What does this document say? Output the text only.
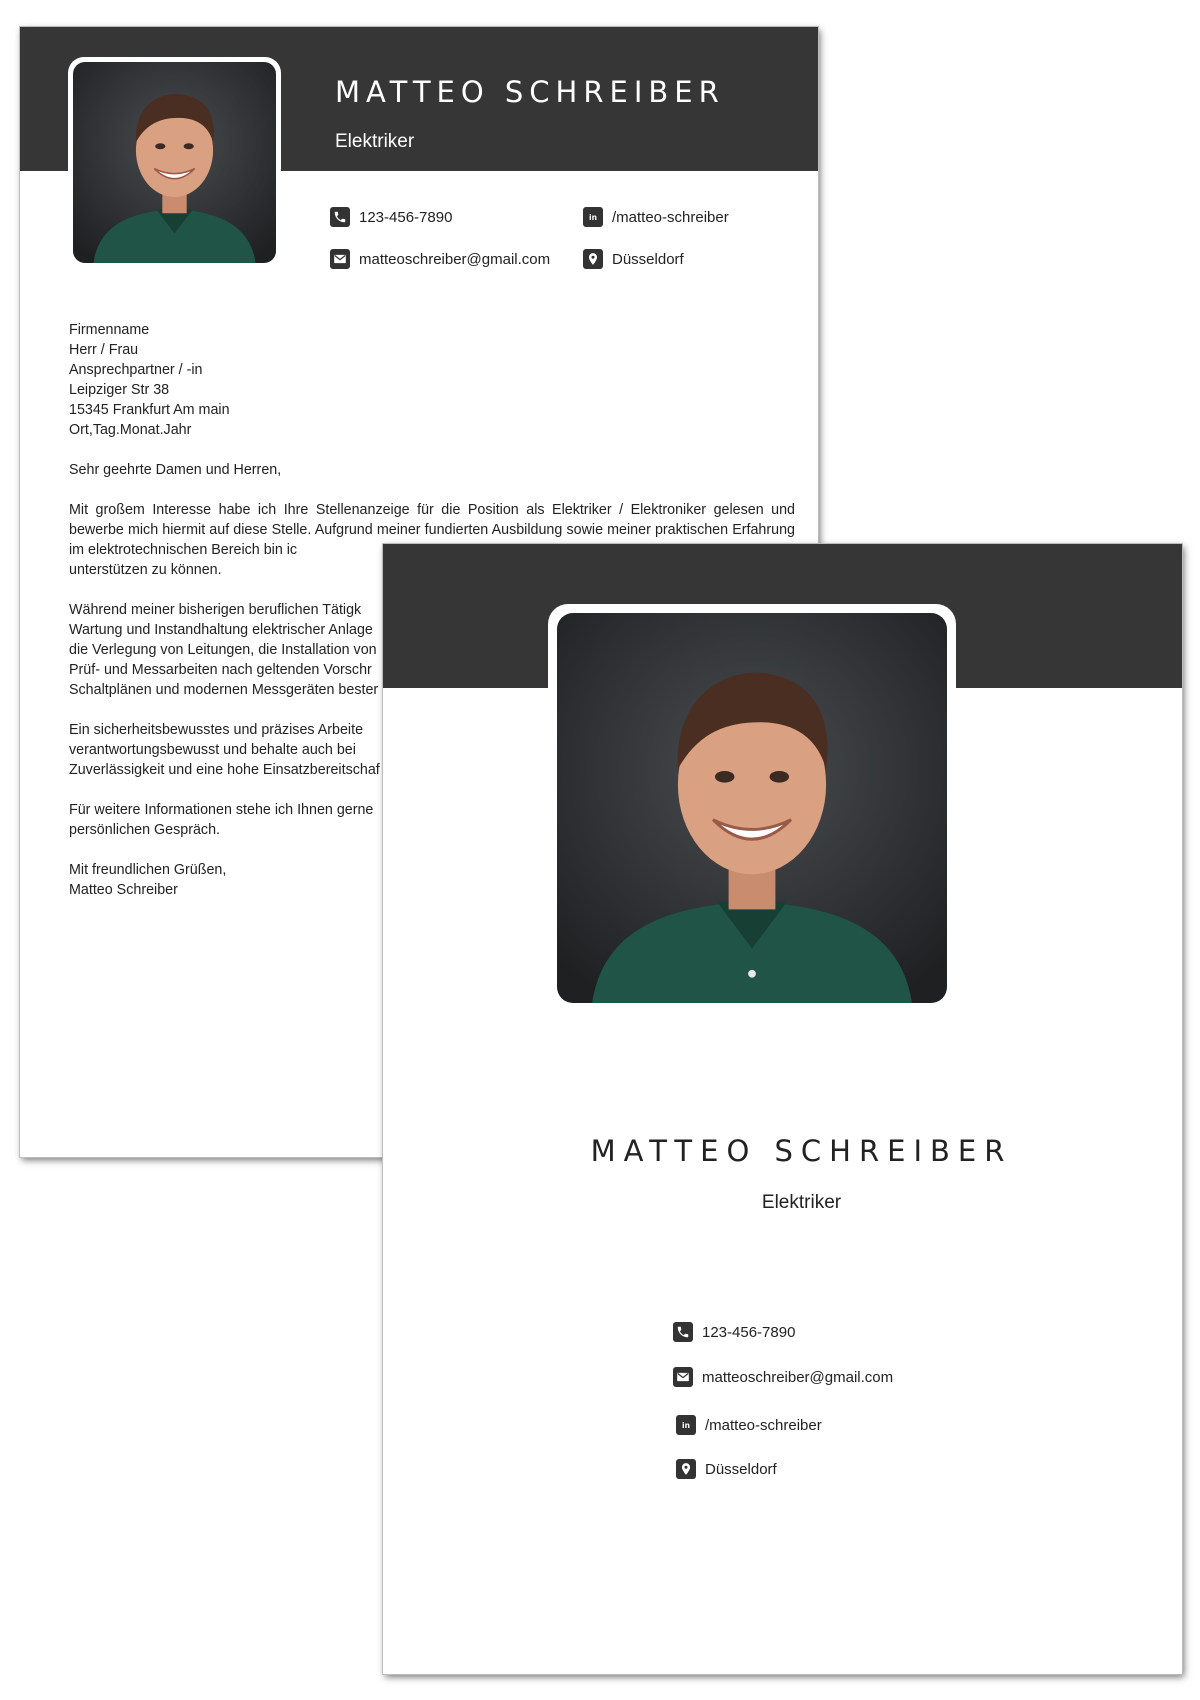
MATTEO SCHREIBER
Elektriker
123-456-7890
matteoschreiber@gmail.com
in /matteo-schreiber
Düsseldorf

Firmenname
Herr / Frau
Ansprechpartner / -in
Leipziger Str 38
15345 Frankfurt Am main
Ort,Tag.Monat.Jahr

Sehr geehrte Damen und Herren,

Mit großem Interesse habe ich Ihre Stellenanzeige für die Position als Elektriker / Elektroniker gelesen und bewerbe mich hiermit auf diese Stelle. Aufgrund meiner fundierten Ausbildung sowie meiner praktischen Erfahrung im elektrotechnischen Bereich bin ic
unterstützen zu können.

Während meiner bisherigen beruflichen Tätigk
Wartung und Instandhaltung elektrischer Anlage
die Verlegung von Leitungen, die Installation von
Prüf- und Messarbeiten nach geltenden Vorschr
Schaltplänen und modernen Messgeräten bester

Ein sicherheitsbewusstes und präzises Arbeite
verantwortungsbewusst und behalte auch bei
Zuverlässigkeit und eine hohe Einsatzbereitschaf

Für weitere Informationen stehe ich Ihnen gerne
persönlichen Gespräch.

Mit freundlichen Grüßen,
Matteo Schreiber

MATTEO SCHREIBER
Elektriker
123-456-7890
matteoschreiber@gmail.com
in /matteo-schreiber
Düsseldorf
